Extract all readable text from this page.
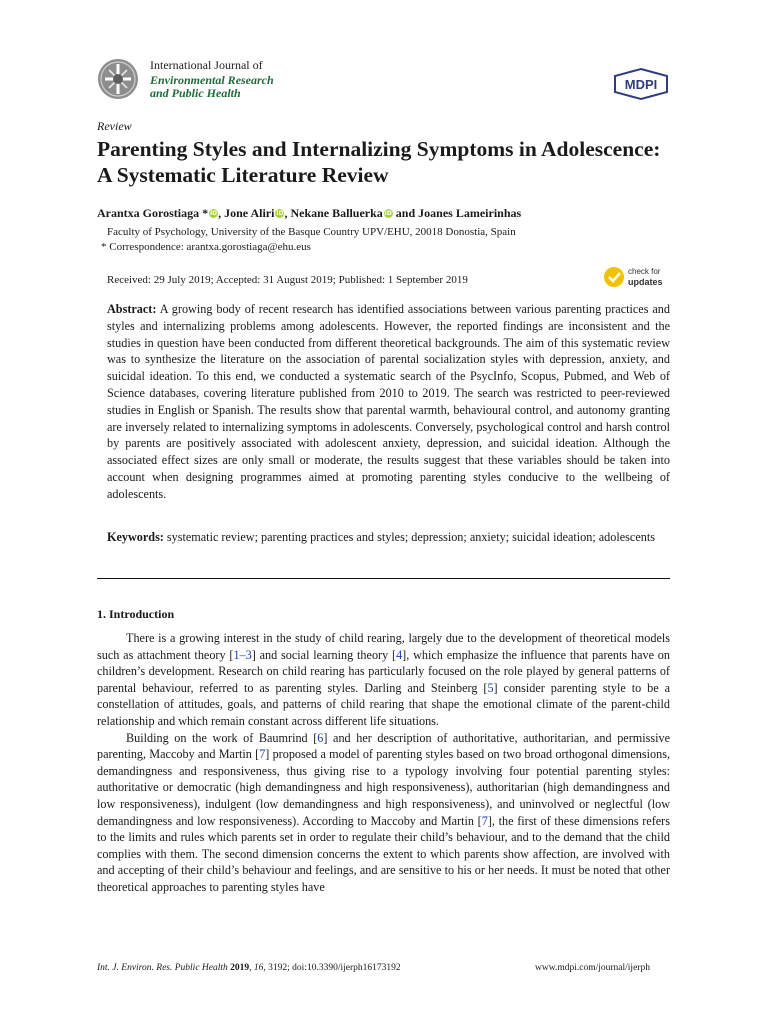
International Journal of
Environmental Research
and Public Health
MDPI
Review
Parenting Styles and Internalizing Symptoms in Adolescence: A Systematic Literature Review
Arantxa Gorostiaga * iD, Jone Aliri iD, Nekane Balluerka iD and Joanes Lameirinhas
Faculty of Psychology, University of the Basque Country UPV/EHU, 20018 Donostia, Spain
* Correspondence: arantxa.gorostiaga@ehu.eus
Received: 29 July 2019; Accepted: 31 August 2019; Published: 1 September 2019
check for
updates
Abstract: A growing body of recent research has identified associations between various parenting practices and styles and internalizing problems among adolescents. However, the reported findings are inconsistent and the studies in question have been conducted from different theoretical backgrounds. The aim of this systematic review was to synthesize the literature on the association of parental socialization styles with depression, anxiety, and suicidal ideation. To this end, we conducted a systematic search of the PsycInfo, Scopus, Pubmed, and Web of Science databases, covering literature published from 2010 to 2019. The search was restricted to peer-reviewed studies in English or Spanish. The results show that parental warmth, behavioural control, and autonomy granting are inversely related to internalizing symptoms in adolescents. Conversely, psychological control and harsh control by parents are positively associated with adolescent anxiety, depression, and suicidal ideation. Although the associated effect sizes are only small or moderate, the results suggest that these variables should be taken into account when designing programmes aimed at promoting parenting styles conducive to the wellbeing of adolescents.
Keywords: systematic review; parenting practices and styles; depression; anxiety; suicidal ideation; adolescents
1. Introduction

There is a growing interest in the study of child rearing, largely due to the development of theoretical models such as attachment theory [1–3] and social learning theory [4], which emphasize the influence that parents have on children’s development. Research on child rearing has particularly focused on the role played by general patterns of parental behaviour, referred to as parenting styles. Darling and Steinberg [5] consider parenting style to be a constellation of attitudes, goals, and patterns of child rearing that shape the emotional climate of the parent-child relationship and which remain constant across different life situations.

Building on the work of Baumrind [6] and her description of authoritative, authoritarian, and permissive parenting, Maccoby and Martin [7] proposed a model of parenting styles based on two broad orthogonal dimensions, demandingness and responsiveness, thus giving rise to a typology involving four potential parenting styles: authoritative or democratic (high demandingness and high responsiveness), authoritarian (high demandingness and low responsiveness), indulgent (low demandingness and high responsiveness), and uninvolved or neglectful (low demandingness and low responsiveness). According to Maccoby and Martin [7], the first of these dimensions refers to the limits and rules which parents set in order to regulate their child’s behaviour, and to the demand that the child complies with them. The second dimension concerns the extent to which parents show affection, are involved with and accepting of their child’s behaviour and feelings, and are sensitive to his or her needs. It must be noted that other theoretical approaches to parenting styles have

Int. J. Environ. Res. Public Health 2019, 16, 3192; doi:10.3390/ijerph16173192	www.mdpi.com/journal/ijerph
